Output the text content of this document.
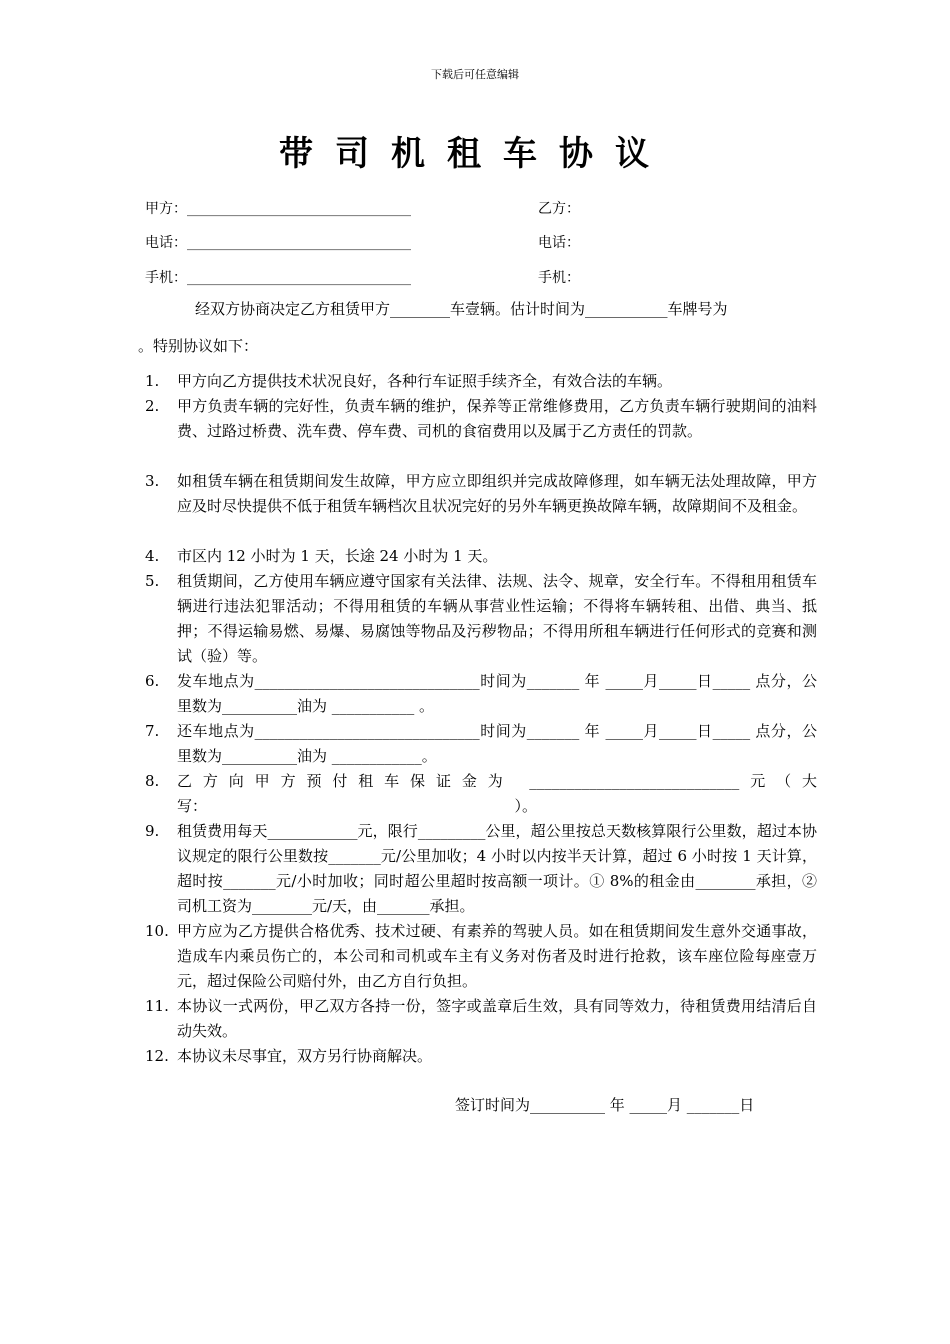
下载后可任意编辑
带司机租车协议
甲方：________________________________	乙方：
电话：________________________________	电话：
手机：________________________________	手机：
经双方协商决定乙方租赁甲方________车壹辆。估计时间为___________车牌号为
。特别协议如下：
1. 甲方向乙方提供技术状况良好，各种行车证照手续齐全，有效合法的车辆。
2. 甲方负责车辆的完好性，负责车辆的维护，保养等正常维修费用，乙方负责车辆行驶期间的油料费、过路过桥费、洗车费、停车费、司机的食宿费用以及属于乙方责任的罚款。
3. 如租赁车辆在租赁期间发生故障，甲方应立即组织并完成故障修理，如车辆无法处理故障，甲方应及时尽快提供不低于租赁车辆档次且状况完好的另外车辆更换故障车辆，故障期间不及租金。
4. 市区内 12 小时为 1 天，长途 24 小时为 1 天。
5. 租赁期间，乙方使用车辆应遵守国家有关法律、法规、法令、规章，安全行车。不得租用租赁车辆进行违法犯罪活动；不得用租赁的车辆从事营业性运输；不得将车辆转租、出借、典当、抵押；不得运输易燃、易爆、易腐蚀等物品及污秽物品；不得用所租车辆进行任何形式的竞赛和测试（验）等。
6. 发车地点为______________________________时间为_______ 年 _____月_____日_____ 点分，公里数为__________油为 ___________ 。
7. 还车地点为______________________________时间为_______ 年 _____月_____日_____ 点分，公里数为__________油为 ____________。
8. 乙方向甲方预付租车保证金为 ____________________________元（大写：　　　　　　　　　　　　　　　　　　　　　）。
9. 租赁费用每天____________元，限行_________公里，超公里按总天数核算限行公里数，超过本协议规定的限行公里数按_______元/公里加收；4 小时以内按半天计算，超过 6 小时按 1 天计算，超时按_______元/小时加收；同时超公里超时按高额一项计。① 8%的租金由________承担，②司机工资为________元/天，由_______承担。
10. 甲方应为乙方提供合格优秀、技术过硬、有素养的驾驶人员。如在租赁期间发生意外交通事故，造成车内乘员伤亡的，本公司和司机或车主有义务对伤者及时进行抢救，该车座位险每座壹万元，超过保险公司赔付外，由乙方自行负担。
11. 本协议一式两份，甲乙双方各持一份，签字或盖章后生效，具有同等效力，待租赁费用结清后自动失效。
12. 本协议未尽事宜，双方另行协商解决。
签订时间为__________ 年 _____月 _______日
